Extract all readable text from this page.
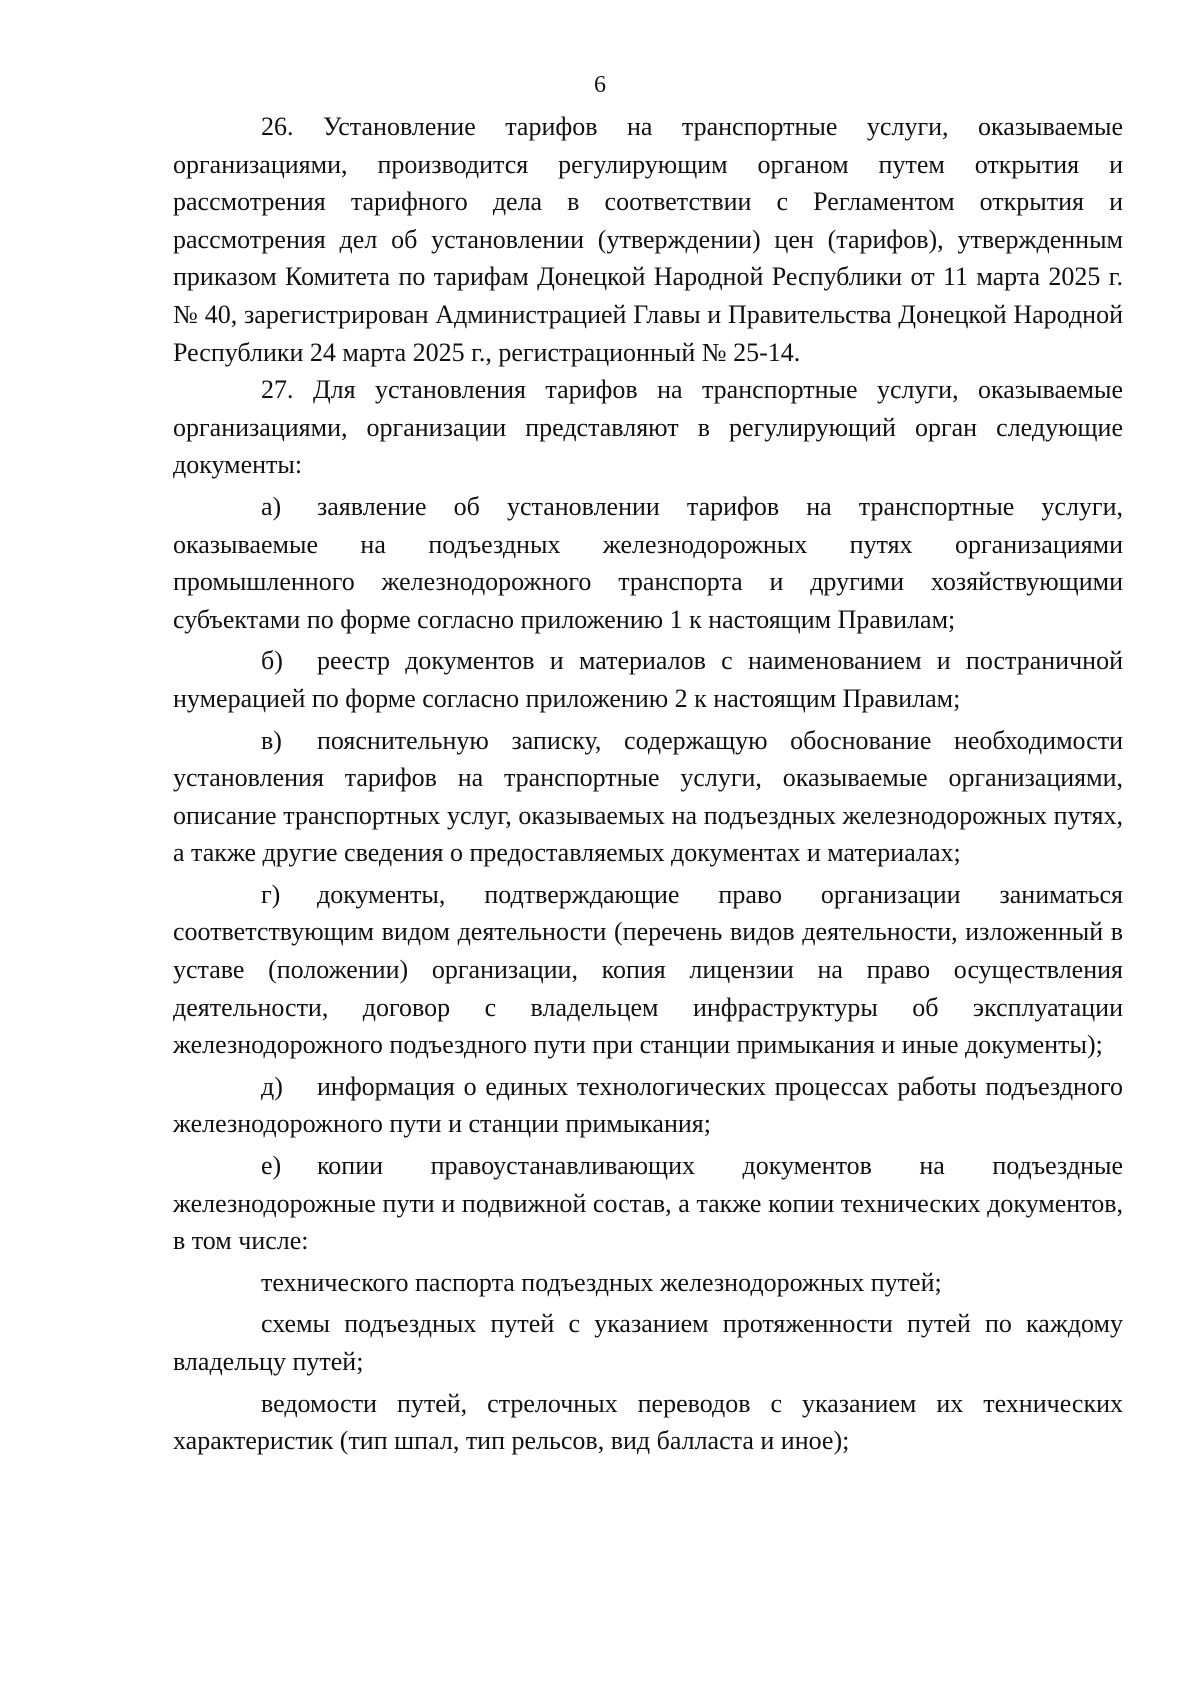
6

26. Установление тарифов на транспортные услуги, оказываемые организациями, производится регулирующим органом путем открытия и рассмотрения тарифного дела в соответствии с Регламентом открытия и рассмотрения дел об установлении (утверждении) цен (тарифов), утвержденным приказом Комитета по тарифам Донецкой Народной Республики от 11 марта 2025 г. № 40, зарегистрирован Администрацией Главы и Правительства Донецкой Народной Республики 24 марта 2025 г., регистрационный № 25-14.

27. Для установления тарифов на транспортные услуги, оказываемые организациями, организации представляют в регулирующий орган следующие документы:

а) заявление об установлении тарифов на транспортные услуги, оказываемые на подъездных железнодорожных путях организациями промышленного железнодорожного транспорта и другими хозяйствующими субъектами по форме согласно приложению 1 к настоящим Правилам;

б) реестр документов и материалов с наименованием и постраничной нумерацией по форме согласно приложению 2 к настоящим Правилам;

в) пояснительную записку, содержащую обоснование необходимости установления тарифов на транспортные услуги, оказываемые организациями, описание транспортных услуг, оказываемых на подъездных железнодорожных путях, а также другие сведения о предоставляемых документах и материалах;

г) документы, подтверждающие право организации заниматься соответствующим видом деятельности (перечень видов деятельности, изложенный в уставе (положении) организации, копия лицензии на право осуществления деятельности, договор с владельцем инфраструктуры об эксплуатации железнодорожного подъездного пути при станции примыкания и иные документы);

д) информация о единых технологических процессах работы подъездного железнодорожного пути и станции примыкания;

е) копии правоустанавливающих документов на подъездные железнодорожные пути и подвижной состав, а также копии технических документов, в том числе:

технического паспорта подъездных железнодорожных путей;

схемы подъездных путей с указанием протяженности путей по каждому владельцу путей;

ведомости путей, стрелочных переводов с указанием их технических характеристик (тип шпал, тип рельсов, вид балласта и иное);
